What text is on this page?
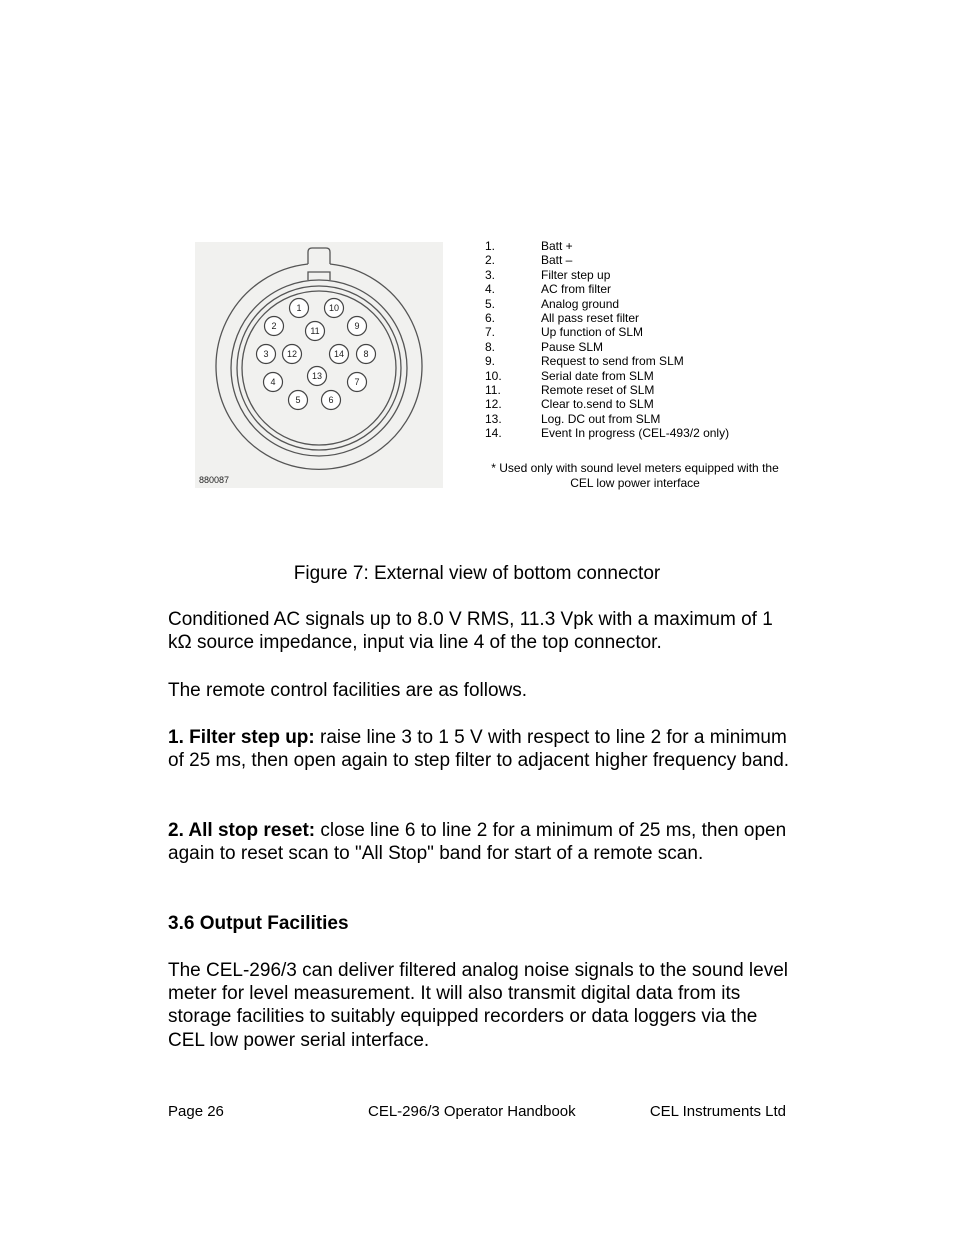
1
2
3
4
5	6
7
8
9
10
11
12
13
14
880087
1.	Batt +
2.	Batt –
3.	Filter step up
4.	AC from filter
5.	Analog ground
6.	All pass reset filter
7.	Up function of SLM
8.	Pause SLM
9.	Request to send from SLM
10.	Serial date from SLM
11.	Remote reset of SLM
12.	Clear to.send to SLM
13.	Log. DC out from SLM
14.	Event In progress (CEL-493/2 only)
* Used only with sound level meters equipped with the
CEL low power interface
Figure 7: External view of bottom connector

Conditioned AC signals up to 8.0 V RMS, 11.3 Vpk with a maximum of 1 kΩ source impedance, input via line 4 of the top connector.

The remote control facilities are as follows.

1. Filter step up: raise line 3 to 1 5 V with respect to line 2 for a minimum of 25 ms, then open again to step filter to adjacent higher frequency band.

2. All stop reset: close line 6 to line 2 for a minimum of 25 ms, then open again to reset scan to "All Stop" band for start of a remote scan.

3.6 Output Facilities

The CEL-296/3 can deliver filtered analog noise signals to the sound level meter for level measurement. It will also transmit digital data from its storage facilities to suitably equipped recorders or data loggers via the CEL low power serial interface.

Page 26	CEL-296/3 Operator Handbook	CEL Instruments Ltd
